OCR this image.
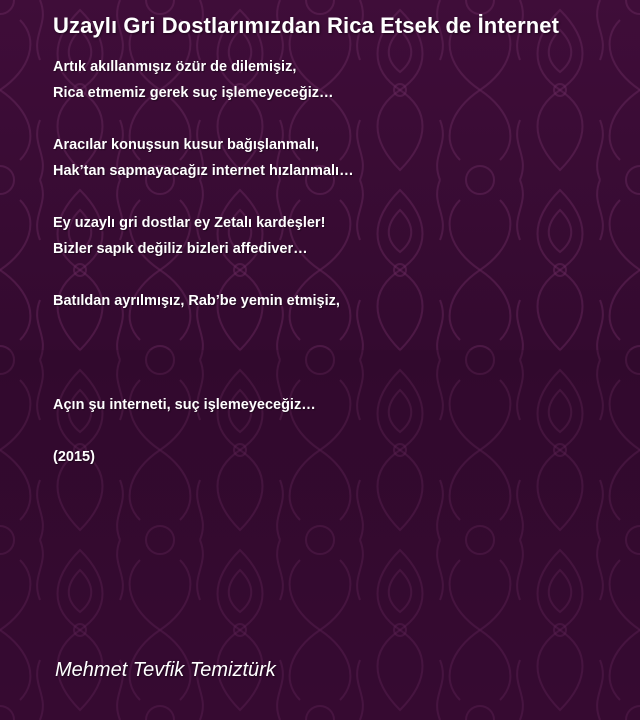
Uzaylı Gri Dostlarımızdan Rica Etsek de İnternet
Artık akıllanmışız özür de dilemişiz,
Rica etmemiz gerek suç işlemeyeceğiz…
Aracılar konuşsun kusur bağışlanmalı,
Hak’tan sapmayacağız internet hızlanmalı…
Ey uzaylı gri dostlar ey Zetalı kardeşler!
Bizler sapık değiliz bizleri affediver…
Batıldan ayrılmışız, Rab’be yemin etmişiz,
Açın şu interneti, suç işlemeyeceğiz…
(2015)
Mehmet Tevfik Temiztürk
